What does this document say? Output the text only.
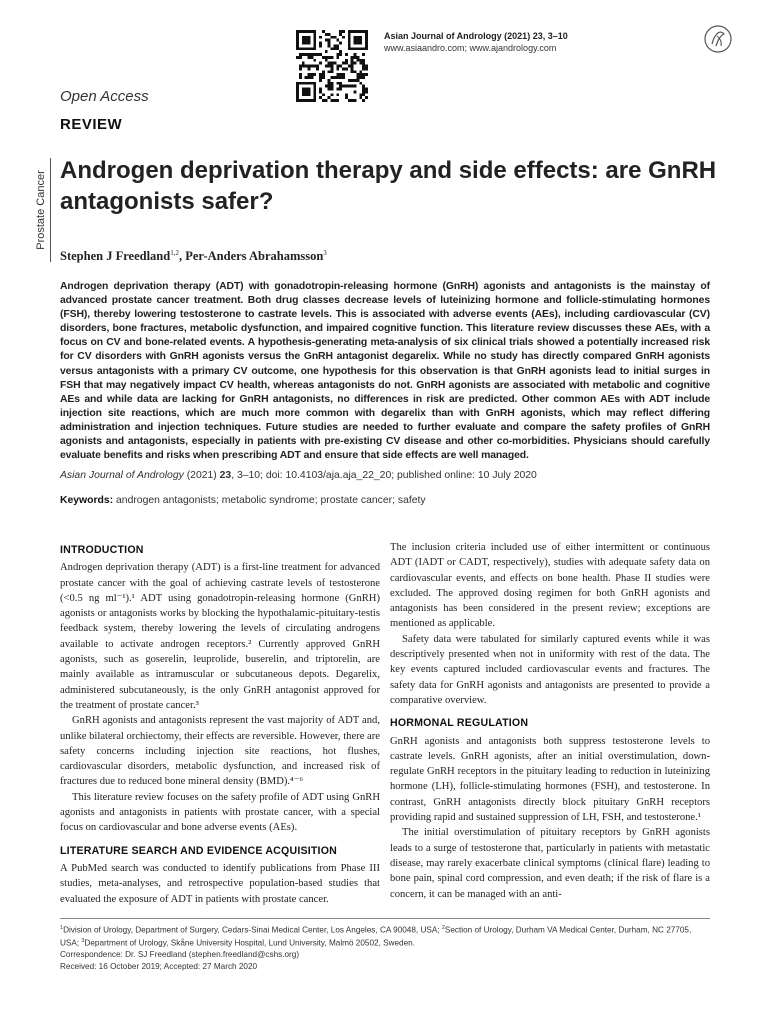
Asian Journal of Andrology (2021) 23, 3–10
www.asiaandro.com; www.ajandrology.com
Open Access
REVIEW
Prostate Cancer Androgen deprivation therapy and side effects: are GnRH antagonists safer?
Stephen J Freedland$^{1,2}$, Per-Anders Abrahamsson$^3$
Androgen deprivation therapy (ADT) with gonadotropin-releasing hormone (GnRH) agonists and antagonists is the mainstay of advanced prostate cancer treatment. Both drug classes decrease levels of luteinizing hormone and follicle-stimulating hormones (FSH), thereby lowering testosterone to castrate levels. This is associated with adverse events (AEs), including cardiovascular (CV) disorders, bone fractures, metabolic dysfunction, and impaired cognitive function. This literature review discusses these AEs, with a focus on CV and bone-related events. A hypothesis-generating meta-analysis of six clinical trials showed a potentially increased risk for CV disorders with GnRH agonists versus the GnRH antagonist degarelix. While no study has directly compared GnRH agonists versus antagonists with a primary CV outcome, one hypothesis for this observation is that GnRH agonists lead to initial surges in FSH that may negatively impact CV health, whereas antagonists do not. GnRH agonists are associated with metabolic and cognitive AEs and while data are lacking for GnRH antagonists, no differences in risk are predicted. Other common AEs with ADT include injection site reactions, which are much more common with degarelix than with GnRH agonists, which may reflect differing administration and injection techniques. Future studies are needed to further evaluate and compare the safety profiles of GnRH agonists and antagonists, especially in patients with pre-existing CV disease and other co-morbidities. Physicians should carefully evaluate benefits and risks when prescribing ADT and ensure that side effects are well managed.
Asian Journal of Andrology (2021) 23, 3–10; doi: 10.4103/aja.aja_22_20; published online: 10 July 2020
Keywords: androgen antagonists; metabolic syndrome; prostate cancer; safety
INTRODUCTION

Androgen deprivation therapy (ADT) is a first-line treatment for advanced prostate cancer with the goal of achieving castrate levels of testosterone (<0.5 ng ml⁻¹).¹ ADT using gonadotropin-releasing hormone (GnRH) agonists or antagonists works by blocking the hypothalamic-pituitary-testis feedback system, thereby lowering the levels of circulating androgens available to activate androgen receptors.² Currently approved GnRH agonists, such as goserelin, leuprolide, buserelin, and triptorelin, are mainly available as intramuscular or subcutaneous depots. Degarelix, administered subcutaneously, is the only GnRH antagonist approved for the treatment of prostate cancer.³

GnRH agonists and antagonists represent the vast majority of ADT and, unlike bilateral orchiectomy, their effects are reversible. However, there are safety concerns including injection site reactions, hot flushes, cardiovascular disorders, metabolic dysfunction, and increased risk of fractures due to reduced bone mineral density (BMD).⁴⁻⁶

This literature review focuses on the safety profile of ADT using GnRH agonists and antagonists in patients with prostate cancer, with a special focus on cardiovascular and bone adverse events (AEs).

LITERATURE SEARCH AND EVIDENCE ACQUISITION

A PubMed search was conducted to identify publications from Phase III studies, meta-analyses, and retrospective population-based studies that evaluated the exposure of ADT in patients with prostate cancer.

The inclusion criteria included use of either intermittent or continuous ADT (IADT or CADT, respectively), studies with adequate safety data on cardiovascular events, and effects on bone health. Phase II studies were excluded. The approved dosing regimen for both GnRH agonists and antagonists has been considered in the present review; exceptions are mentioned as applicable.

Safety data were tabulated for similarly captured events while it was descriptively presented when not in uniformity with rest of the data. The key events captured included cardiovascular events and fractures. The safety data for GnRH agonists and antagonists are presented to provide a comparative overview.

HORMONAL REGULATION

GnRH agonists and antagonists both suppress testosterone levels to castrate levels. GnRH agonists, after an initial overstimulation, down-regulate GnRH receptors in the pituitary leading to reduction in luteinizing hormone (LH), follicle-stimulating hormones (FSH), and testosterone. In contrast, GnRH antagonists directly block pituitary GnRH receptors providing rapid and sustained suppression of LH, FSH, and testosterone.¹

The initial overstimulation of pituitary receptors by GnRH agonists leads to a surge of testosterone that, particularly in patients with metastatic disease, may rarely exacerbate clinical symptoms (clinical flare) leading to bone pain, spinal cord compression, and even death; if the risk of flare is a concern, it can be managed with an anti-

$^1$Division of Urology, Department of Surgery, Cedars-Sinai Medical Center, Los Angeles, CA 90048, USA; $^2$Section of Urology, Durham VA Medical Center, Durham, NC 27705, USA; $^3$Department of Urology, Skåne University Hospital, Lund University, Malmö 20502, Sweden.
Correspondence: Dr. SJ Freedland (stephen.freedland@cshs.org)
Received: 16 October 2019; Accepted: 27 March 2020
